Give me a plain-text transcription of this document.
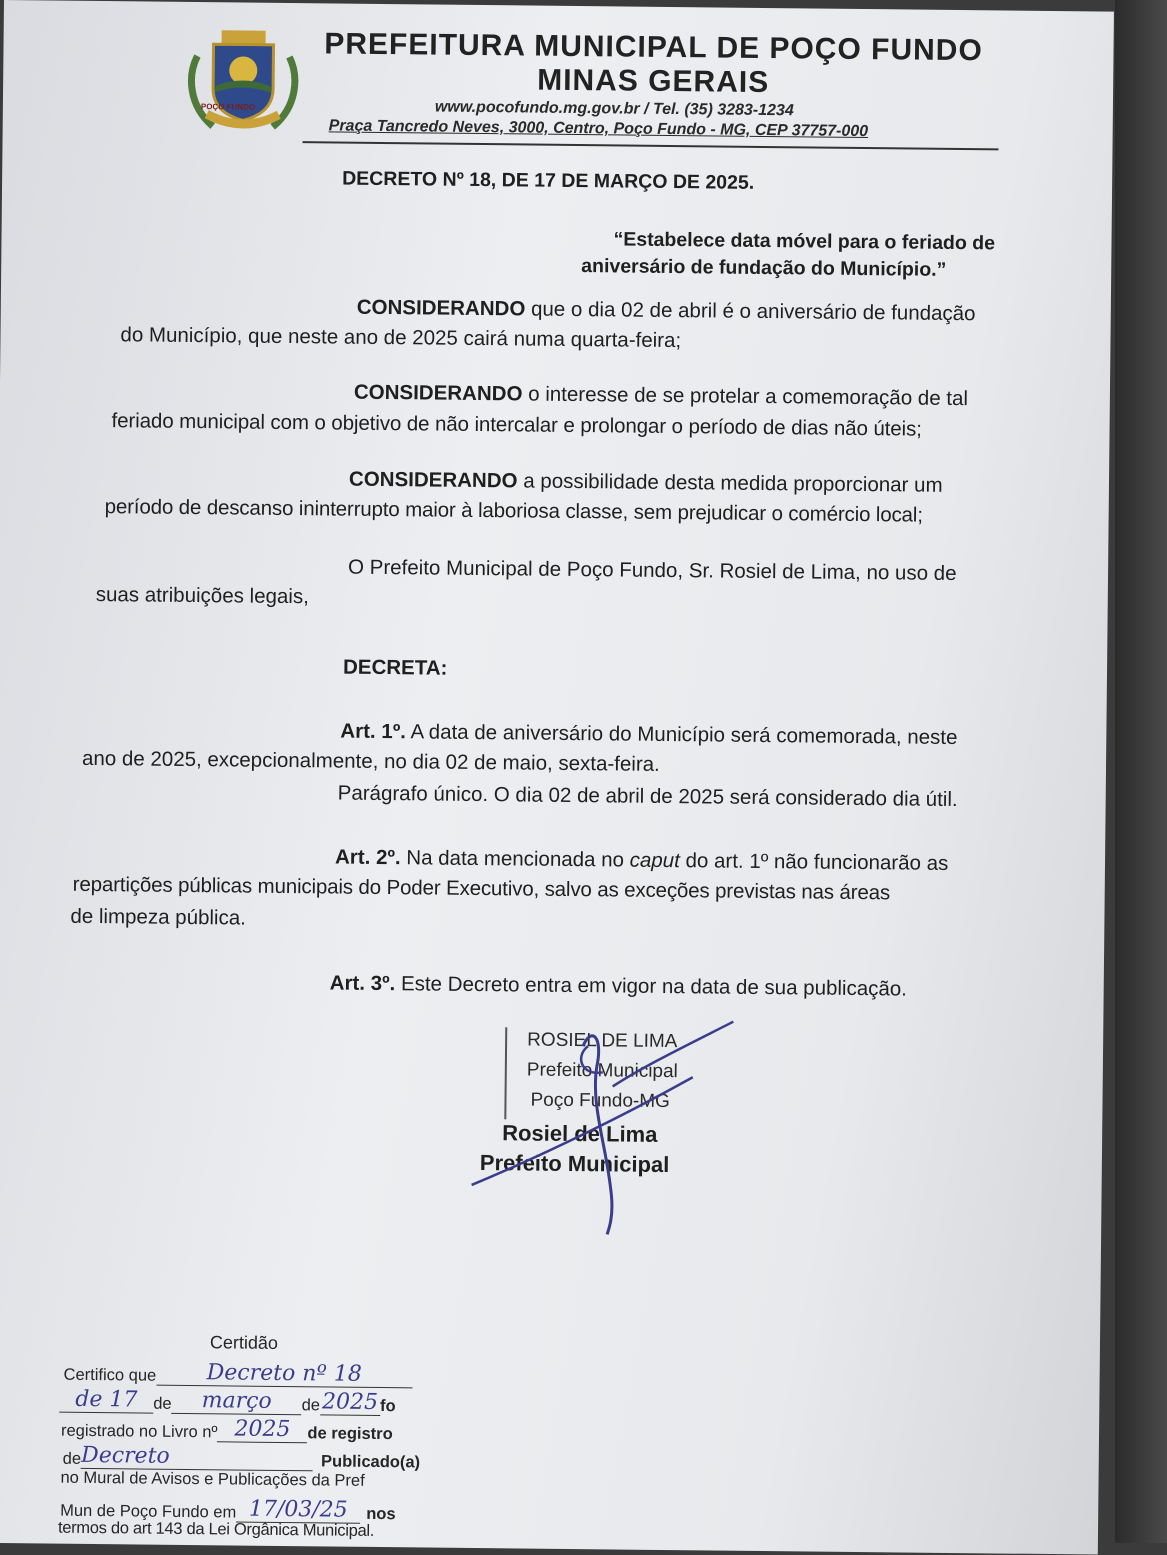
POÇO FUNDO
PREFEITURA MUNICIPAL DE POÇO FUNDO
MINAS GERAIS
www.pocofundo.mg.gov.br / Tel. (35) 3283-1234
Praça Tancredo Neves, 3000, Centro, Poço Fundo - MG, CEP 37757-000
DECRETO Nº 18, DE 17 DE MARÇO DE 2025.
“Estabelece data móvel para o feriado de
aniversário de fundação do Município.”
CONSIDERANDO que o dia 02 de abril é o aniversário de fundação
do Município, que neste ano de 2025 cairá numa quarta-feira;
CONSIDERANDO o interesse de se protelar a comemoração de tal
feriado municipal com o objetivo de não intercalar e prolongar o período de dias não úteis;
CONSIDERANDO a possibilidade desta medida proporcionar um
período de descanso ininterrupto maior à laboriosa classe, sem prejudicar o comércio local;
O Prefeito Municipal de Poço Fundo, Sr. Rosiel de Lima, no uso de
suas atribuições legais,
DECRETA:
Art. 1º. A data de aniversário do Município será comemorada, neste
ano de 2025, excepcionalmente, no dia 02 de maio, sexta-feira.
Parágrafo único. O dia 02 de abril de 2025 será considerado dia útil.
Art. 2º. Na data mencionada no caput do art. 1º não funcionarão as
repartições públicas municipais do Poder Executivo, salvo as exceções previstas nas áreas
de limpeza pública.
Art. 3º. Este Decreto entra em vigor na data de sua publicação.
ROSIEL DE LIMA
Prefeito Municipal
Poço Fundo-MG
Rosiel de Lima
Prefeito Municipal
Certidão
Certifico que Decreto nº 18
de 17 de março de2025 fo
registrado no Livro nº 2025 de registro
deDecreto	Publicado(a)
no Mural de Avisos e Publicações da Pref
Mun de Poço Fundo em 17/03/25 nos
termos do art 143 da Lei Orgânica Municipal.
